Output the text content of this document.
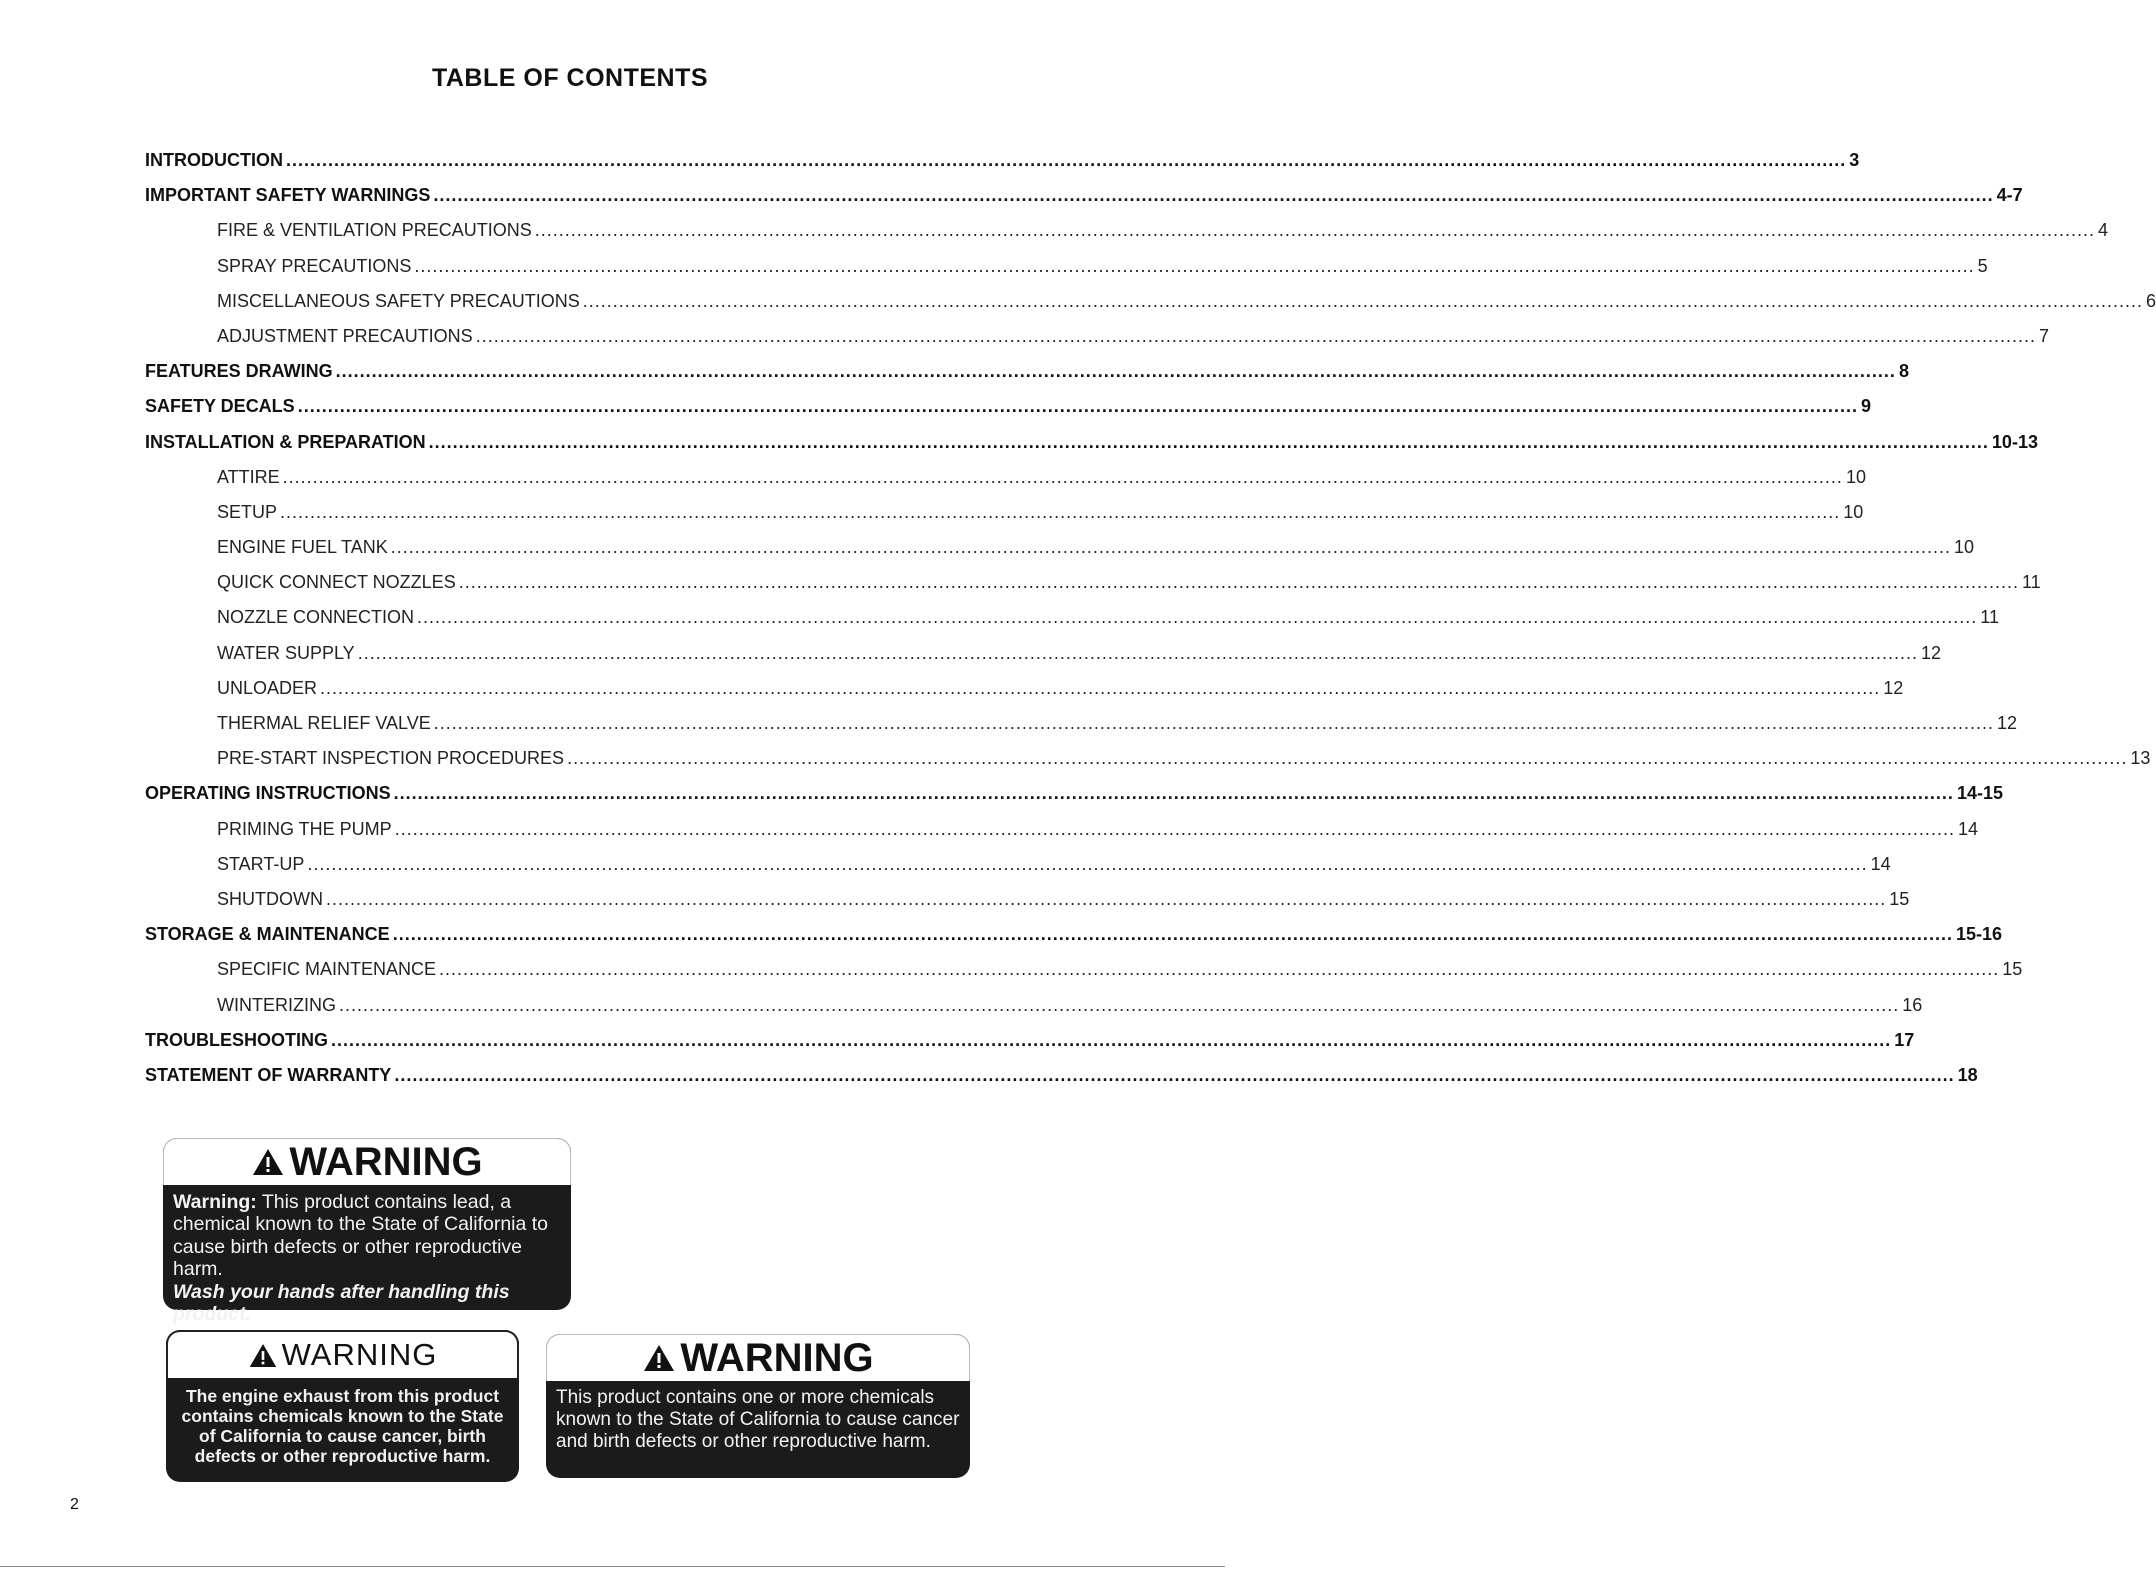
TABLE OF CONTENTS
INTRODUCTION .....	3
IMPORTANT SAFETY WARNINGS .....	4-7
FIRE & VENTILATION PRECAUTIONS .....	4
SPRAY PRECAUTIONS .....	5
MISCELLANEOUS SAFETY PRECAUTIONS .....	6
ADJUSTMENT PRECAUTIONS .....	7
FEATURES DRAWING .....	8
SAFETY DECALS .....	9
INSTALLATION & PREPARATION .....	10-13
ATTIRE .....	10
SETUP .....	10
ENGINE FUEL TANK .....	10
QUICK CONNECT NOZZLES .....	11
NOZZLE CONNECTION .....	11
WATER SUPPLY .....	12
UNLOADER .....	12
THERMAL RELIEF VALVE .....	12
PRE-START INSPECTION PROCEDURES .....	13
OPERATING INSTRUCTIONS .....	14-15
PRIMING THE PUMP .....	14
START-UP .....	14
SHUTDOWN .....	15
STORAGE & MAINTENANCE .....	15-16
SPECIFIC MAINTENANCE .....	15
WINTERIZING .....	16
TROUBLESHOOTING .....	17
STATEMENT OF WARRANTY .....	18
WARNING
Warning: This product contains lead, a chemical known to the State of California to cause birth defects or other reproductive harm.
Wash your hands after handling this product.
WARNING
The engine exhaust from this product contains chemicals known to the State of California to cause cancer, birth defects or other reproductive harm.
WARNING
This product contains one or more chemicals known to the State of California to cause cancer and birth defects or other reproductive harm.
2
